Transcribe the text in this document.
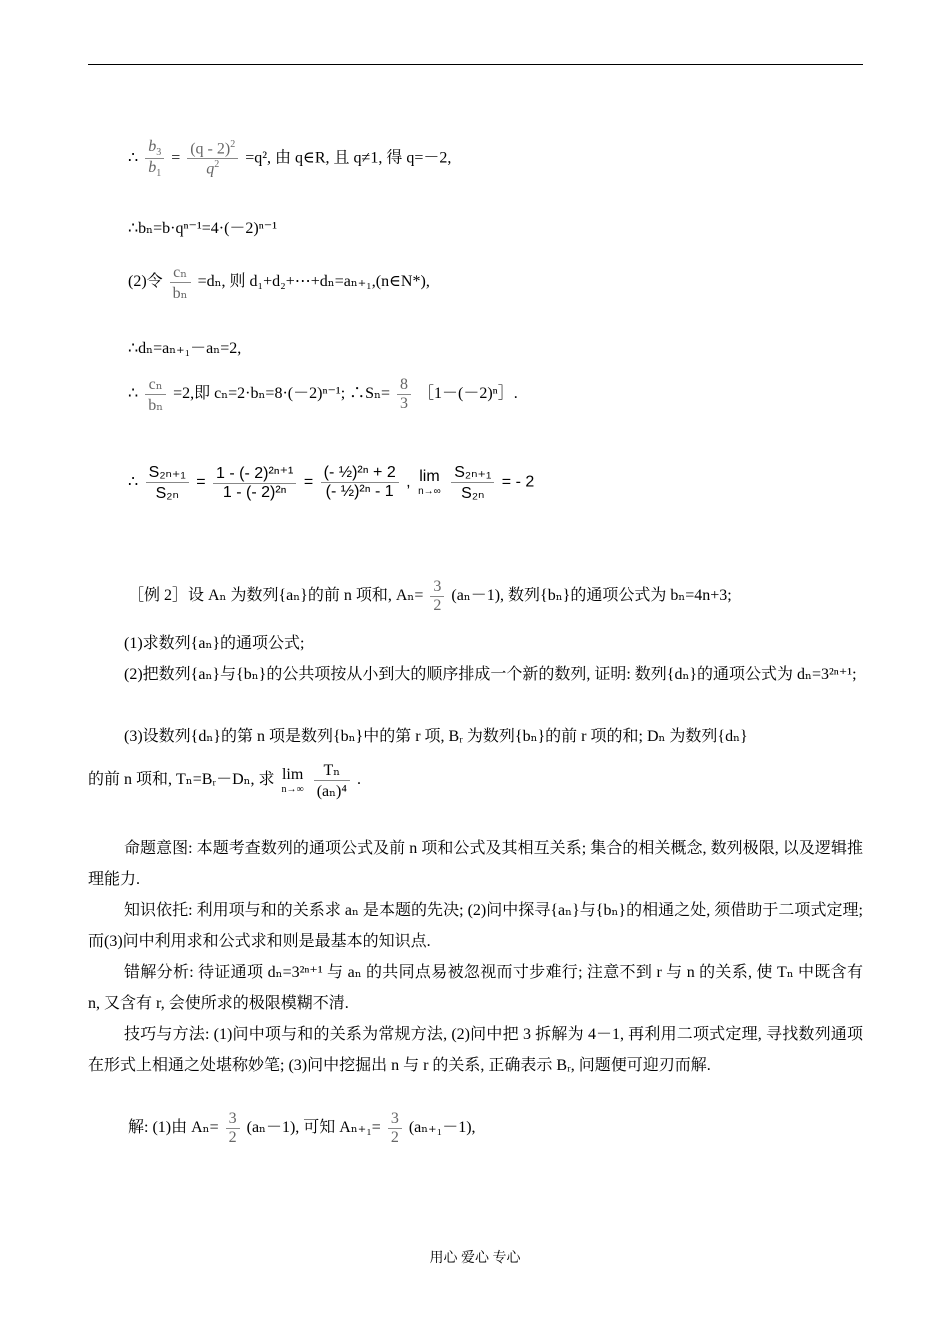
∴ $\frac{b_3}{b_1} = \frac{(q - 2)^2}{q^2} =q^2$, 由 q∈R, 且 q≠1, 得 q=－2,
∴bₙ=b·qⁿ⁻¹=4·(－2)ⁿ⁻¹
(2)令 $\frac{\text{cₙ}}{\text{bₙ}} =d_n$, 则 d₁+d₂+⋯+dₙ=aₙ₊₁,(n∈N*),
∴dₙ=aₙ₊₁－aₙ=2,
∴ $\frac{\text{cₙ}}{\text{bₙ}} =2$,即 cₙ=2·bₙ=8·(－2)ⁿ⁻¹; ∴Sₙ= $\frac{8}{3}$ ［1－(－2)ⁿ］.
∴ $\frac{\text{S₂ₙ₊₁}}{\text{S₂ₙ}} = \frac{\text{1 - (- 2)²ⁿ⁺¹}}{\text{1 - (- 2)²ⁿ}} = \frac{\text{(- ½)²ⁿ + 2}}{\text{(- ½)²ⁿ - 1}}$ , lim
n→∞
$\frac{\text{S₂ₙ₊₁}}{\text{S₂ₙ}}$ = - 2
［例 2］设 Aₙ 为数列{aₙ}的前 n 项和, $A_n= \frac{3}{2} (a_n-1)$, 数列{bₙ}的通项公式为 bₙ=4n+3;
(1)求数列{aₙ}的通项公式;
(2)把数列{aₙ}与{bₙ}的公共项按从小到大的顺序排成一个新的数列, 证明: 数列{dₙ}的通项公式为 dₙ=3²ⁿ⁺¹;
(3)设数列{dₙ}的第 n 项是数列{bₙ}中的第 r 项, Bᵣ 为数列{bₙ}的前 r 项的和; Dₙ 为数列{dₙ}
的前 n 项和, Tₙ=Bᵣ－Dₙ, 求 lim
n→∞
$\frac{\text{Tₙ}}{\text{(aₙ)⁴}}$ .
命题意图: 本题考查数列的通项公式及前 n 项和公式及其相互关系; 集合的相关概念, 数列极限, 以及逻辑推理能力.
知识依托: 利用项与和的关系求 aₙ 是本题的先决; (2)问中探寻{aₙ}与{bₙ}的相通之处, 须借助于二项式定理; 而(3)问中利用求和公式求和则是最基本的知识点.
错解分析: 待证通项 dₙ=3²ⁿ⁺¹ 与 aₙ 的共同点易被忽视而寸步难行; 注意不到 r 与 n 的关系, 使 Tₙ 中既含有 n, 又含有 r, 会使所求的极限模糊不清.
技巧与方法: (1)问中项与和的关系为常规方法, (2)问中把 3 拆解为 4－1, 再利用二项式定理, 寻找数列通项在形式上相通之处堪称妙笔; (3)问中挖掘出 n 与 r 的关系, 正确表示 Bᵣ, 问题便可迎刃而解.
解: (1)由 $A_n= \frac{3}{2} (a_n-1)$, 可知 $A_{n+1}= \frac{3}{2} (a_{n+1}-1)$,
用心 爱心 专心
